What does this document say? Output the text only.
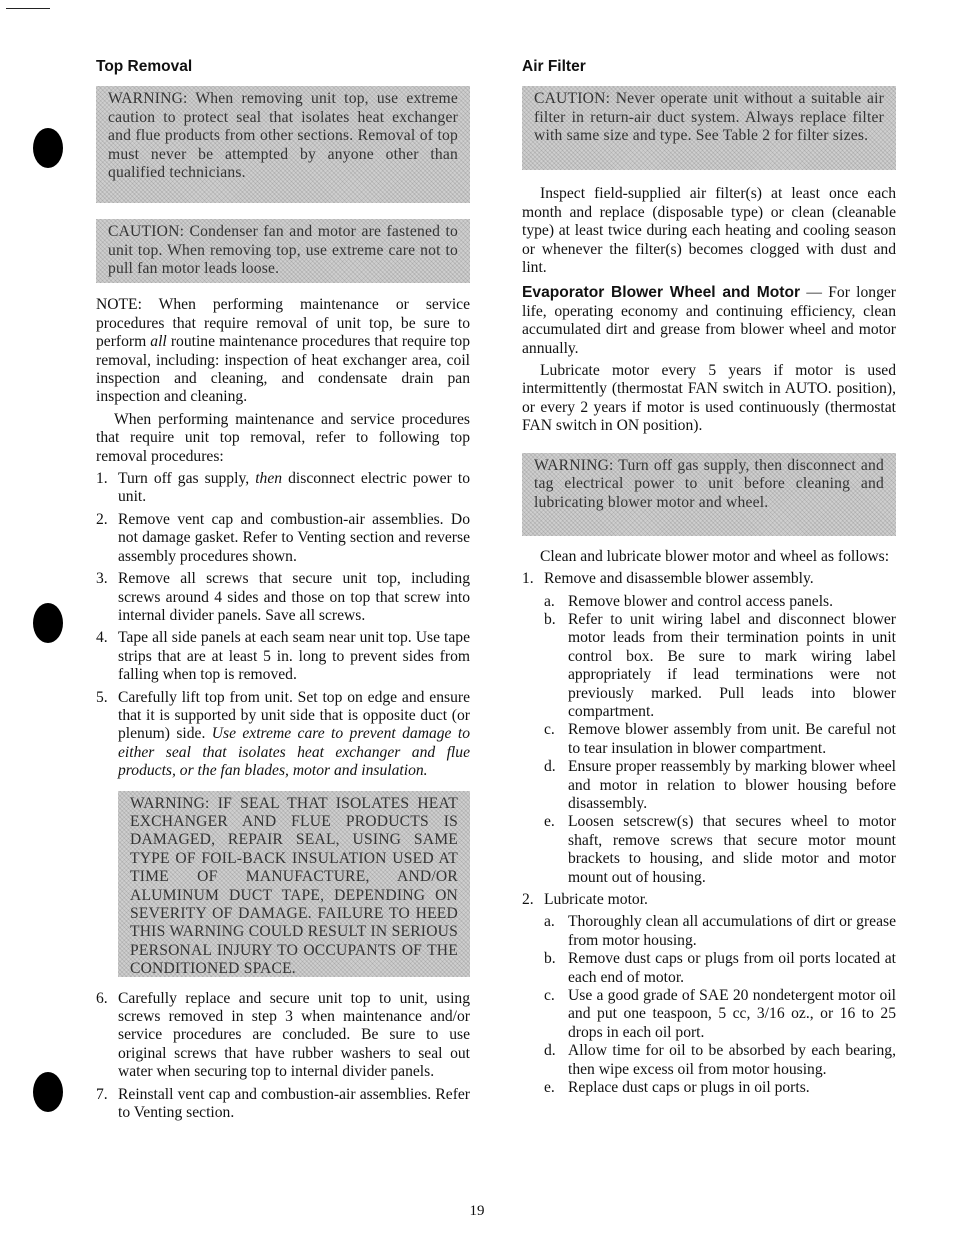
Top Removal
WARNING: When removing unit top, use extreme caution to protect seal that isolates heat exchanger and flue products from other sections. Removal of top must never be attempted by anyone other than qualified technicians.
CAUTION: Condenser fan and motor are fastened to unit top. When removing top, use extreme care not to pull fan motor leads loose.

NOTE: When performing maintenance or service procedures that require removal of unit top, be sure to perform all routine maintenance procedures that require top removal, including: inspection of heat exchanger area, coil inspection and cleaning, and condensate drain pan inspection and cleaning.

When performing maintenance and service procedures that require unit top removal, refer to following top removal procedures:

1. Turn off gas supply, then disconnect electric power to unit.
2. Remove vent cap and combustion-air assemblies. Do not damage gasket. Refer to Venting section and reverse assembly procedures shown.
3. Remove all screws that secure unit top, including screws around 4 sides and those on top that screw into internal divider panels. Save all screws.
4. Tape all side panels at each seam near unit top. Use tape strips that are at least 5 in. long to prevent sides from falling when top is removed.
5. Carefully lift top from unit. Set top on edge and ensure that it is supported by unit side that is opposite duct (or plenum) side. Use extreme care to prevent damage to either seal that isolates heat exchanger and flue products, or the fan blades, motor and insulation.
WARNING: IF SEAL THAT ISOLATES HEAT EXCHANGER AND FLUE PRODUCTS IS DAMAGED, REPAIR SEAL, USING SAME TYPE OF FOIL-BACK INSULATION USED AT TIME OF MANUFACTURE, AND/OR ALUMINUM DUCT TAPE, DEPENDING ON SEVERITY OF DAMAGE. FAILURE TO HEED THIS WARNING COULD RESULT IN SERIOUS PERSONAL INJURY TO OCCUPANTS OF THE CONDITIONED SPACE.
6. Carefully replace and secure unit top to unit, using screws removed in step 3 when maintenance and/or service procedures are concluded. Be sure to use original screws that have rubber washers to seal out water when securing top to internal divider panels.
7. Reinstall vent cap and combustion-air assemblies. Refer to Venting section.
Air Filter
CAUTION: Never operate unit without a suitable air filter in return-air duct system. Always replace filter with same size and type. See Table 2 for filter sizes.

Inspect field-supplied air filter(s) at least once each month and replace (disposable type) or clean (cleanable type) at least twice during each heating and cooling season or whenever the filter(s) becomes clogged with dust and lint.

Evaporator Blower Wheel and Motor — For longer life, operating economy and continuing efficiency, clean accumulated dirt and grease from blower wheel and motor annually.

Lubricate motor every 5 years if motor is used intermittently (thermostat FAN switch in AUTO. position), or every 2 years if motor is used continuously (thermostat FAN switch in ON position).

WARNING: Turn off gas supply, then disconnect and tag electrical power to unit before cleaning and lubricating blower motor and wheel.

Clean and lubricate blower motor and wheel as follows:

1. Remove and disassemble blower assembly.
a. Remove blower and control access panels.
b. Refer to unit wiring label and disconnect blower motor leads from their termination points in unit control box. Be sure to mark wiring label appropriately if lead terminations were not previously marked. Pull leads into blower compartment.
c. Remove blower assembly from unit. Be careful not to tear insulation in blower compartment.
d. Ensure proper reassembly by marking blower wheel and motor in relation to blower housing before disassembly.
e. Loosen setscrew(s) that secures wheel to motor shaft, remove screws that secure motor mount brackets to housing, and slide motor and motor mount out of housing.
2. Lubricate motor.
a. Thoroughly clean all accumulations of dirt or grease from motor housing.
b. Remove dust caps or plugs from oil ports located at each end of motor.
c. Use a good grade of SAE 20 nondetergent motor oil and put one teaspoon, 5 cc, 3/16 oz., or 16 to 25 drops in each oil port.
d. Allow time for oil to be absorbed by each bearing, then wipe excess oil from motor housing.
e. Replace dust caps or plugs in oil ports.
19
